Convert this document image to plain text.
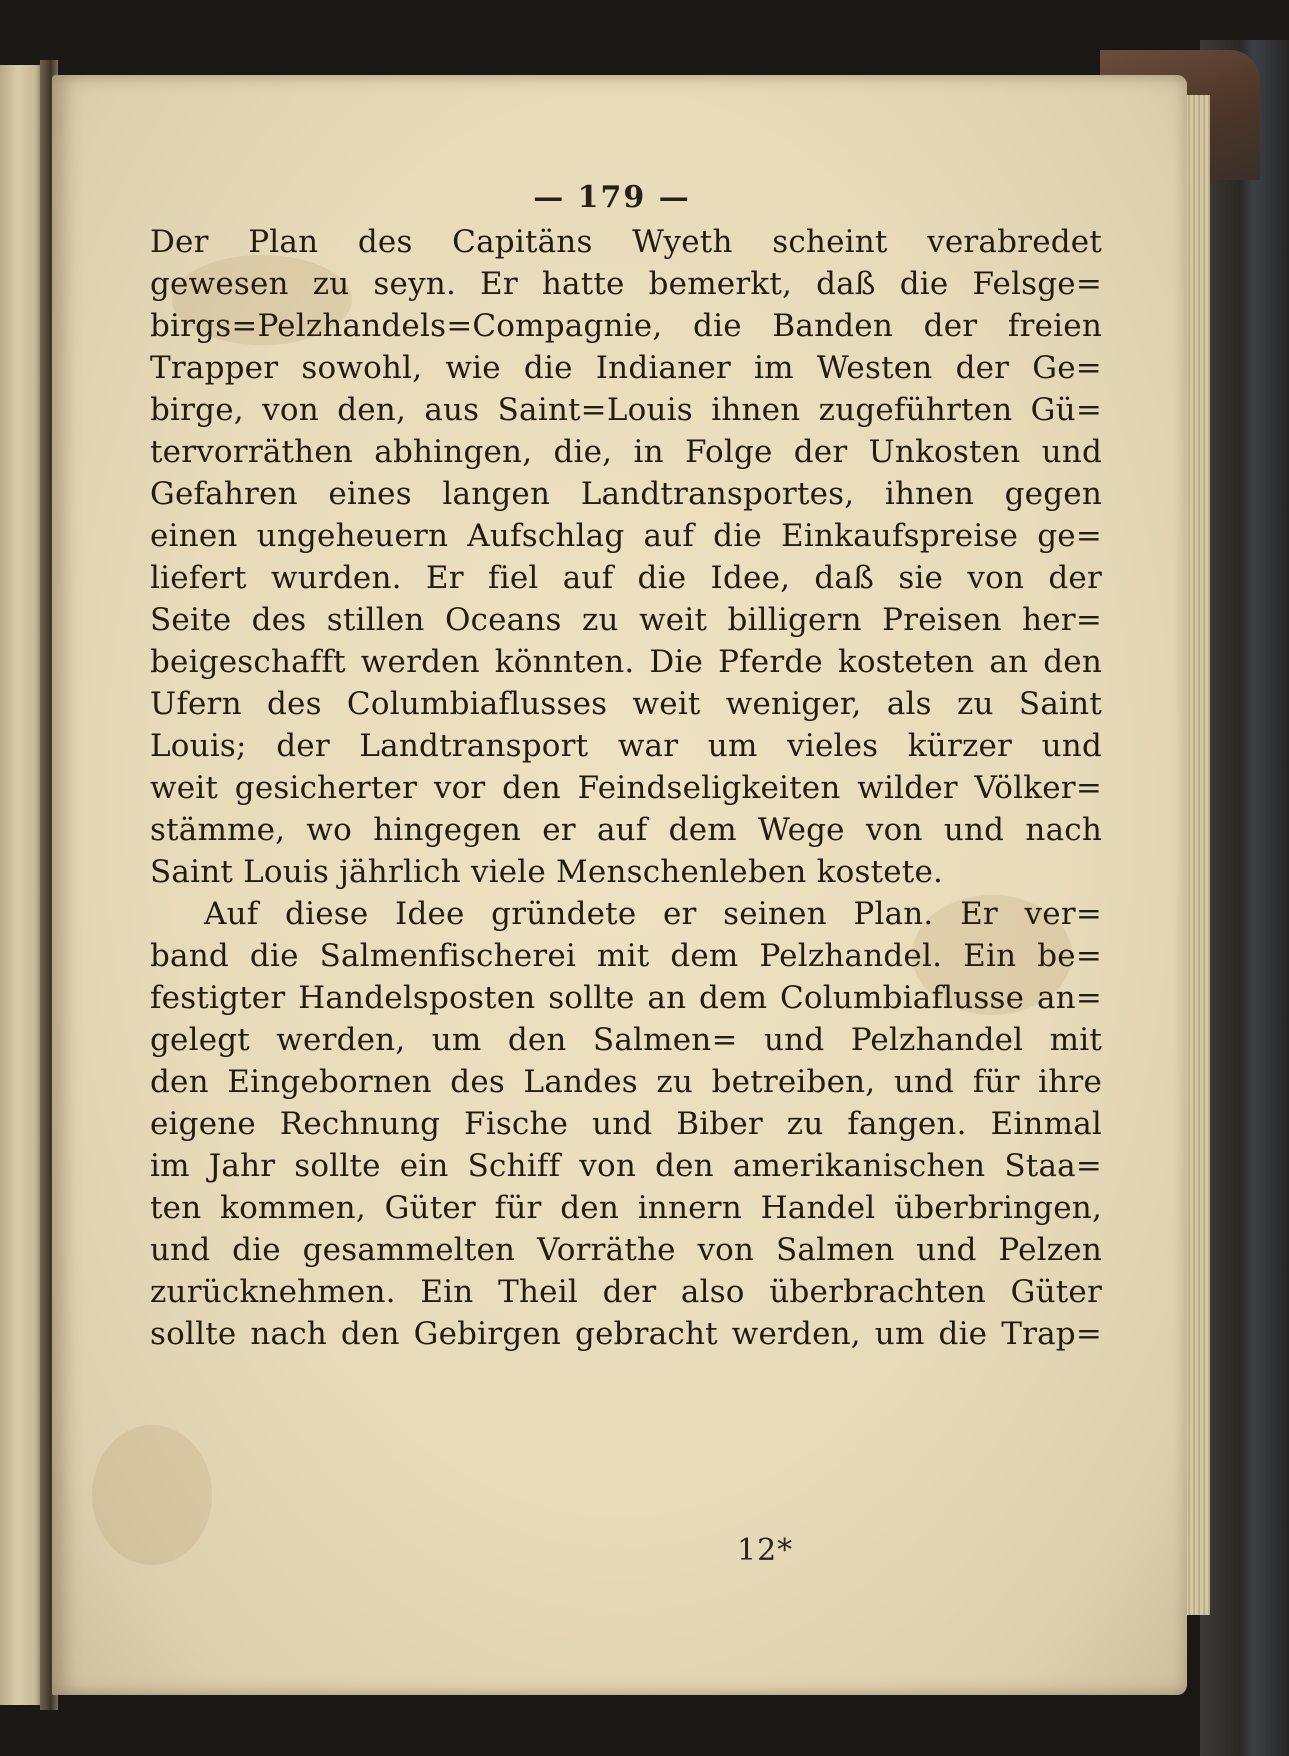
— 179 —
Der Plan des Capitäns Wyeth scheint verabredet
gewesen zu seyn. Er hatte bemerkt, daß die Felsge=
birgs=Pelzhandels=Compagnie, die Banden der freien
Trapper sowohl, wie die Indianer im Westen der Ge=
birge, von den, aus Saint=Louis ihnen zugeführten Gü=
tervorräthen abhingen, die, in Folge der Unkosten und
Gefahren eines langen Landtransportes, ihnen gegen
einen ungeheuern Aufschlag auf die Einkaufspreise ge=
liefert wurden. Er fiel auf die Idee, daß sie von der
Seite des stillen Oceans zu weit billigern Preisen her=
beigeschafft werden könnten. Die Pferde kosteten an den
Ufern des Columbiaflusses weit weniger, als zu Saint
Louis; der Landtransport war um vieles kürzer und
weit gesicherter vor den Feindseligkeiten wilder Völker=
stämme, wo hingegen er auf dem Wege von und nach
Saint Louis jährlich viele Menschenleben kostete.
Auf diese Idee gründete er seinen Plan. Er ver=
band die Salmenfischerei mit dem Pelzhandel. Ein be=
festigter Handelsposten sollte an dem Columbiaflusse an=
gelegt werden, um den Salmen= und Pelzhandel mit
den Eingebornen des Landes zu betreiben, und für ihre
eigene Rechnung Fische und Biber zu fangen. Einmal
im Jahr sollte ein Schiff von den amerikanischen Staa=
ten kommen, Güter für den innern Handel überbringen,
und die gesammelten Vorräthe von Salmen und Pelzen
zurücknehmen. Ein Theil der also überbrachten Güter
sollte nach den Gebirgen gebracht werden, um die Trap=
12*
